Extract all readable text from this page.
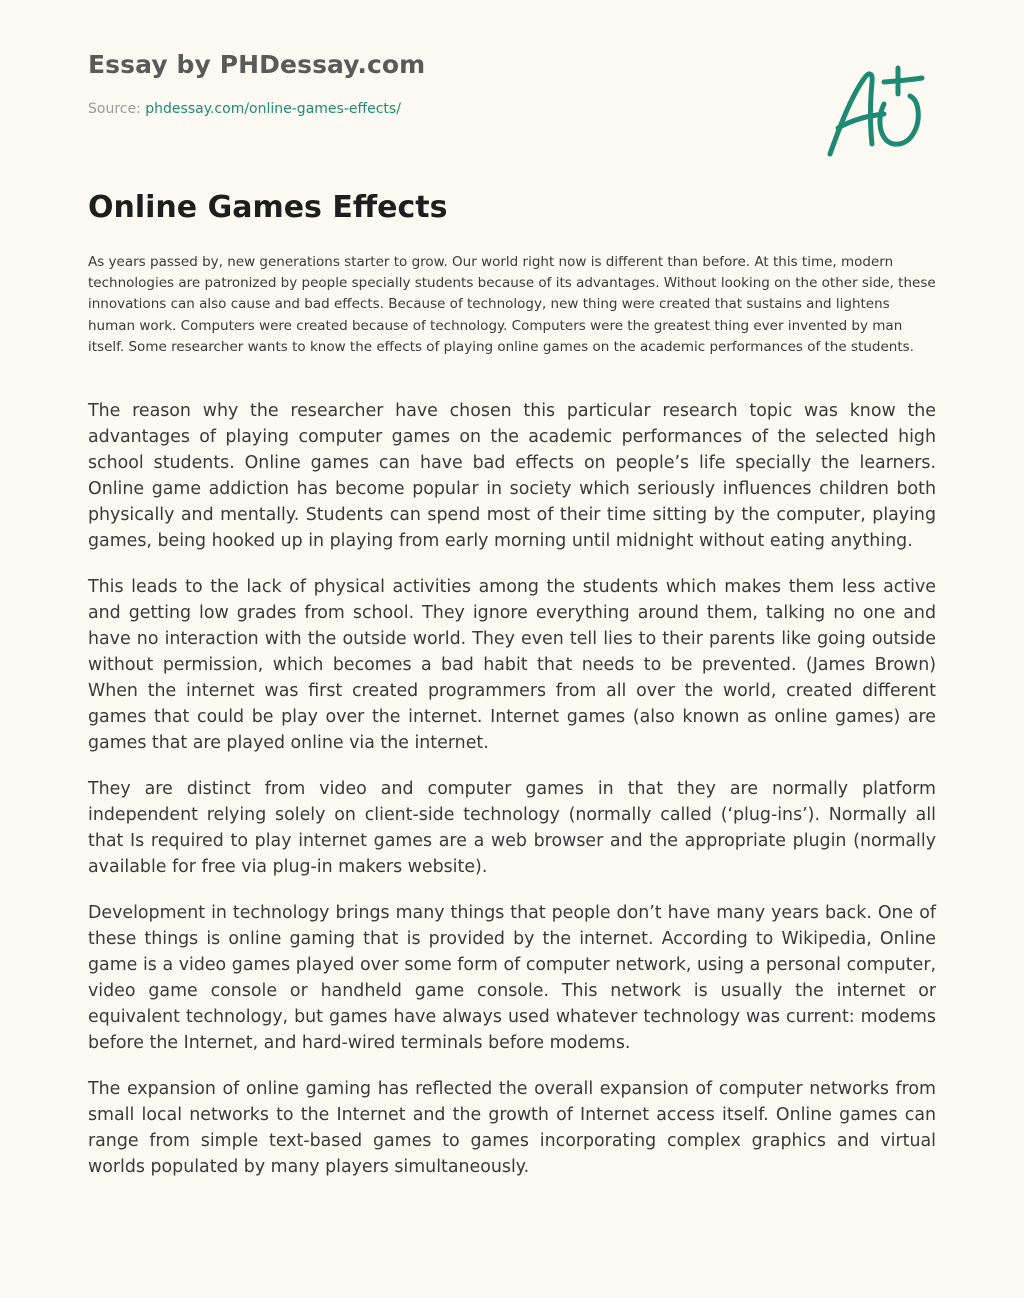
Essay by PHDessay.com

Source: phdessay.com/online-games-effects/

Online Games Effects

As years passed by, new generations starter to grow. Our world right now is different than before. At this time, modern technologies are patronized by people specially students because of its advantages. Without looking on the other side, these innovations can also cause and bad effects. Because of technology, new thing were created that sustains and lightens human work. Computers were created because of technology. Computers were the greatest thing ever invented by man itself. Some researcher wants to know the effects of playing online games on the academic performances of the students.

The reason why the researcher have chosen this particular research topic was know the advantages of playing computer games on the academic performances of the selected high school students. Online games can have bad effects on people’s life specially the learners. Online game addiction has become popular in society which seriously influences children both physically and mentally. Students can spend most of their time sitting by the computer, playing games, being hooked up in playing from early morning until midnight without eating anything.

This leads to the lack of physical activities among the students which makes them less active and getting low grades from school. They ignore everything around them, talking no one and have no interaction with the outside world. They even tell lies to their parents like going outside without permission, which becomes a bad habit that needs to be prevented. (James Brown) When the internet was first created programmers from all over the world, created different games that could be play over the internet. Internet games (also known as online games) are games that are played online via the internet.

They are distinct from video and computer games in that they are normally platform independent relying solely on client-side technology (normally called (‘plug-ins’). Normally all that Is required to play internet games are a web browser and the appropriate plugin (normally available for free via plug-in makers website).

Development in technology brings many things that people don’t have many years back. One of these things is online gaming that is provided by the internet. According to Wikipedia, Online game is a video games played over some form of computer network, using a personal computer, video game console or handheld game console. This network is usually the internet or equivalent technology, but games have always used whatever technology was current: modems before the Internet, and hard-wired terminals before modems.

The expansion of online gaming has reflected the overall expansion of computer networks from small local networks to the Internet and the growth of Internet access itself. Online games can range from simple text-based games to games incorporating complex graphics and virtual worlds populated by many players simultaneously.
